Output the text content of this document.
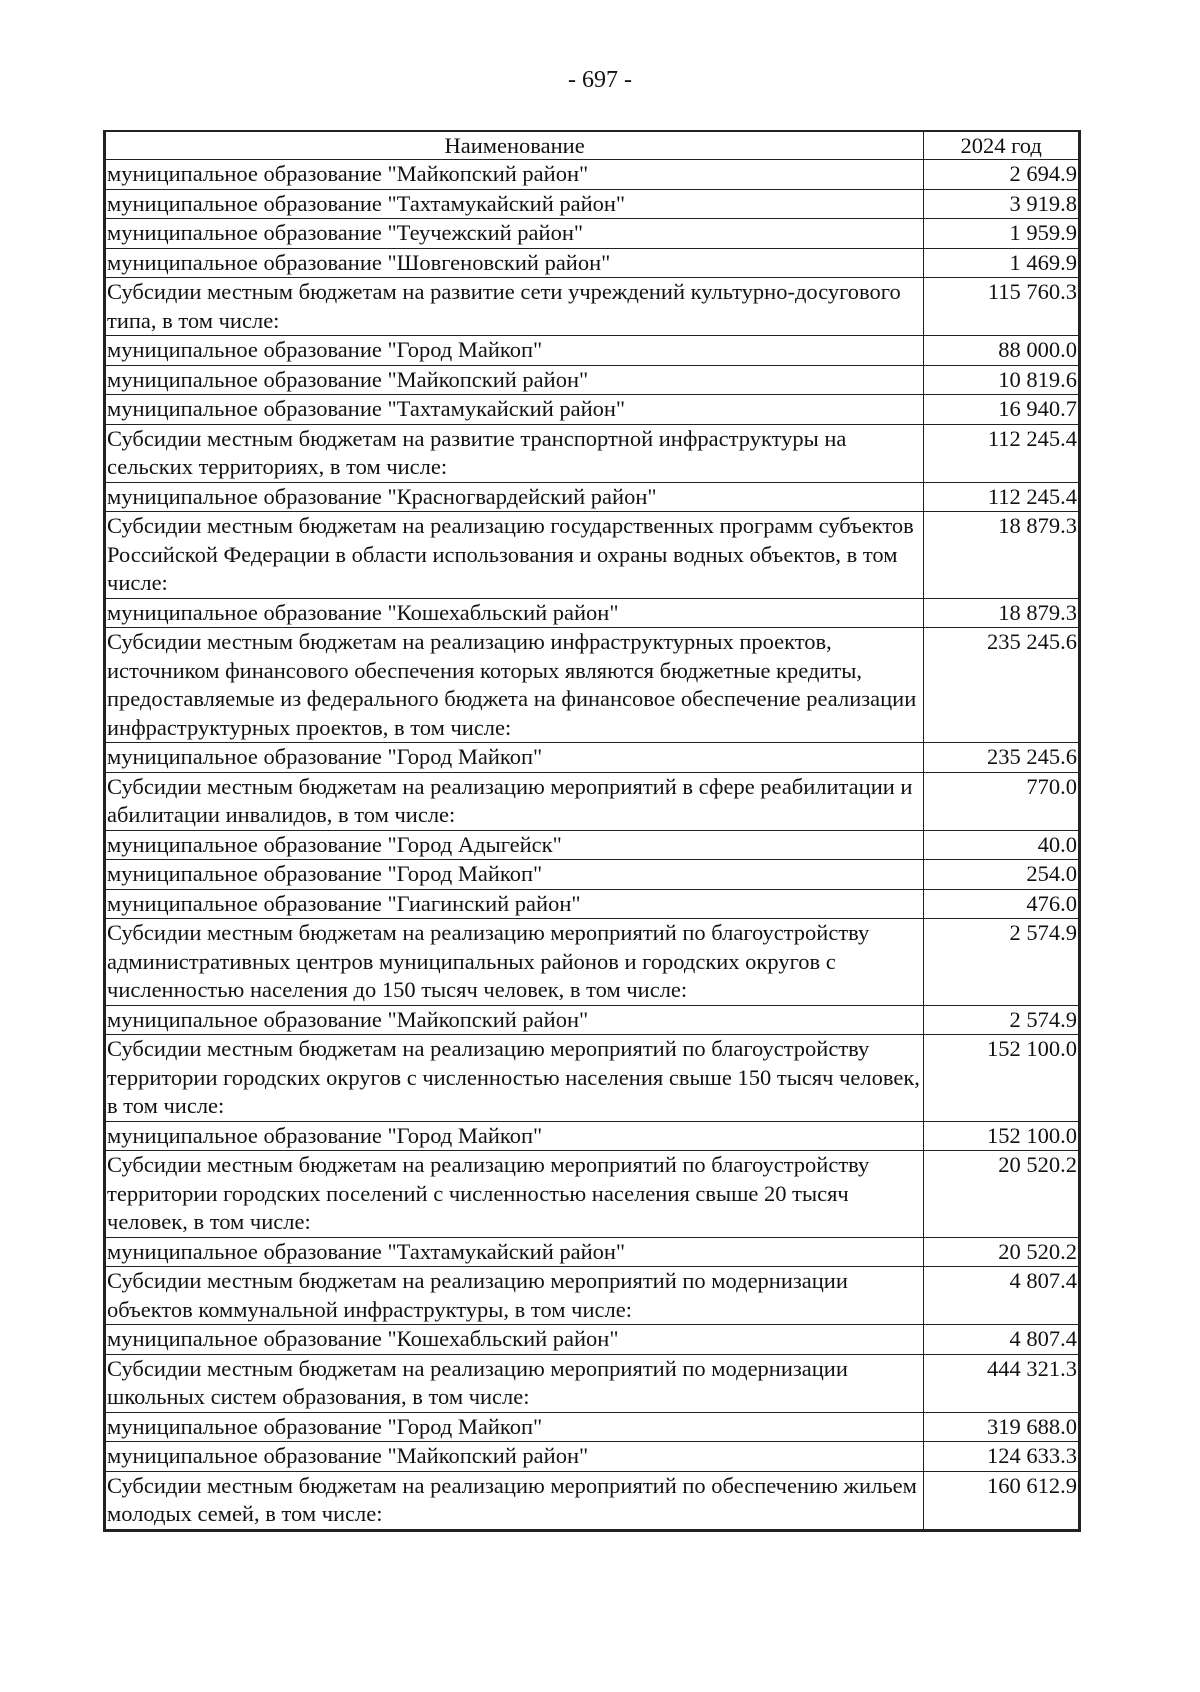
- 697 -
Наименование	2024 год
муниципальное образование "Майкопский район"	2 694.9
муниципальное образование "Тахтамукайский район"	3 919.8
муниципальное образование "Теучежский район"	1 959.9
муниципальное образование "Шовгеновский район"	1 469.9
Субсидии местным бюджетам на развитие сети учреждений культурно-досугового типа, в том числе:	115 760.3
муниципальное образование "Город Майкоп"	88 000.0
муниципальное образование "Майкопский район"	10 819.6
муниципальное образование "Тахтамукайский район"	16 940.7
Субсидии местным бюджетам на развитие транспортной инфраструктуры на сельских территориях, в том числе:	112 245.4
муниципальное образование "Красногвардейский район"	112 245.4
Субсидии местным бюджетам на реализацию государственных программ субъектов Российской Федерации в области использования и охраны водных объектов, в том числе:	18 879.3
муниципальное образование "Кошехабльский район"	18 879.3
Субсидии местным бюджетам на реализацию инфраструктурных проектов, источником финансового обеспечения которых являются бюджетные кредиты, предоставляемые из федерального бюджета на финансовое обеспечение реализации инфраструктурных проектов, в том числе:	235 245.6
муниципальное образование "Город Майкоп"	235 245.6
Субсидии местным бюджетам на реализацию мероприятий в сфере реабилитации и абилитации инвалидов, в том числе:	770.0
муниципальное образование "Город Адыгейск"	40.0
муниципальное образование "Город Майкоп"	254.0
муниципальное образование "Гиагинский район"	476.0
Субсидии местным бюджетам на реализацию мероприятий по благоустройству административных центров муниципальных районов и городских округов с численностью населения до 150 тысяч человек, в том числе:	2 574.9
муниципальное образование "Майкопский район"	2 574.9
Субсидии местным бюджетам на реализацию мероприятий по благоустройству территории городских округов с численностью населения свыше 150 тысяч человек, в том числе:	152 100.0
муниципальное образование "Город Майкоп"	152 100.0
Субсидии местным бюджетам на реализацию мероприятий по благоустройству территории городских поселений с численностью населения свыше 20 тысяч человек, в том числе:	20 520.2
муниципальное образование "Тахтамукайский район"	20 520.2
Субсидии местным бюджетам на реализацию мероприятий по модернизации объектов коммунальной инфраструктуры, в том числе:	4 807.4
муниципальное образование "Кошехабльский район"	4 807.4
Субсидии местным бюджетам на реализацию мероприятий по модернизации школьных систем образования, в том числе:	444 321.3
муниципальное образование "Город Майкоп"	319 688.0
муниципальное образование "Майкопский район"	124 633.3
Субсидии местным бюджетам на реализацию мероприятий по обеспечению жильем молодых семей, в том числе:	160 612.9
